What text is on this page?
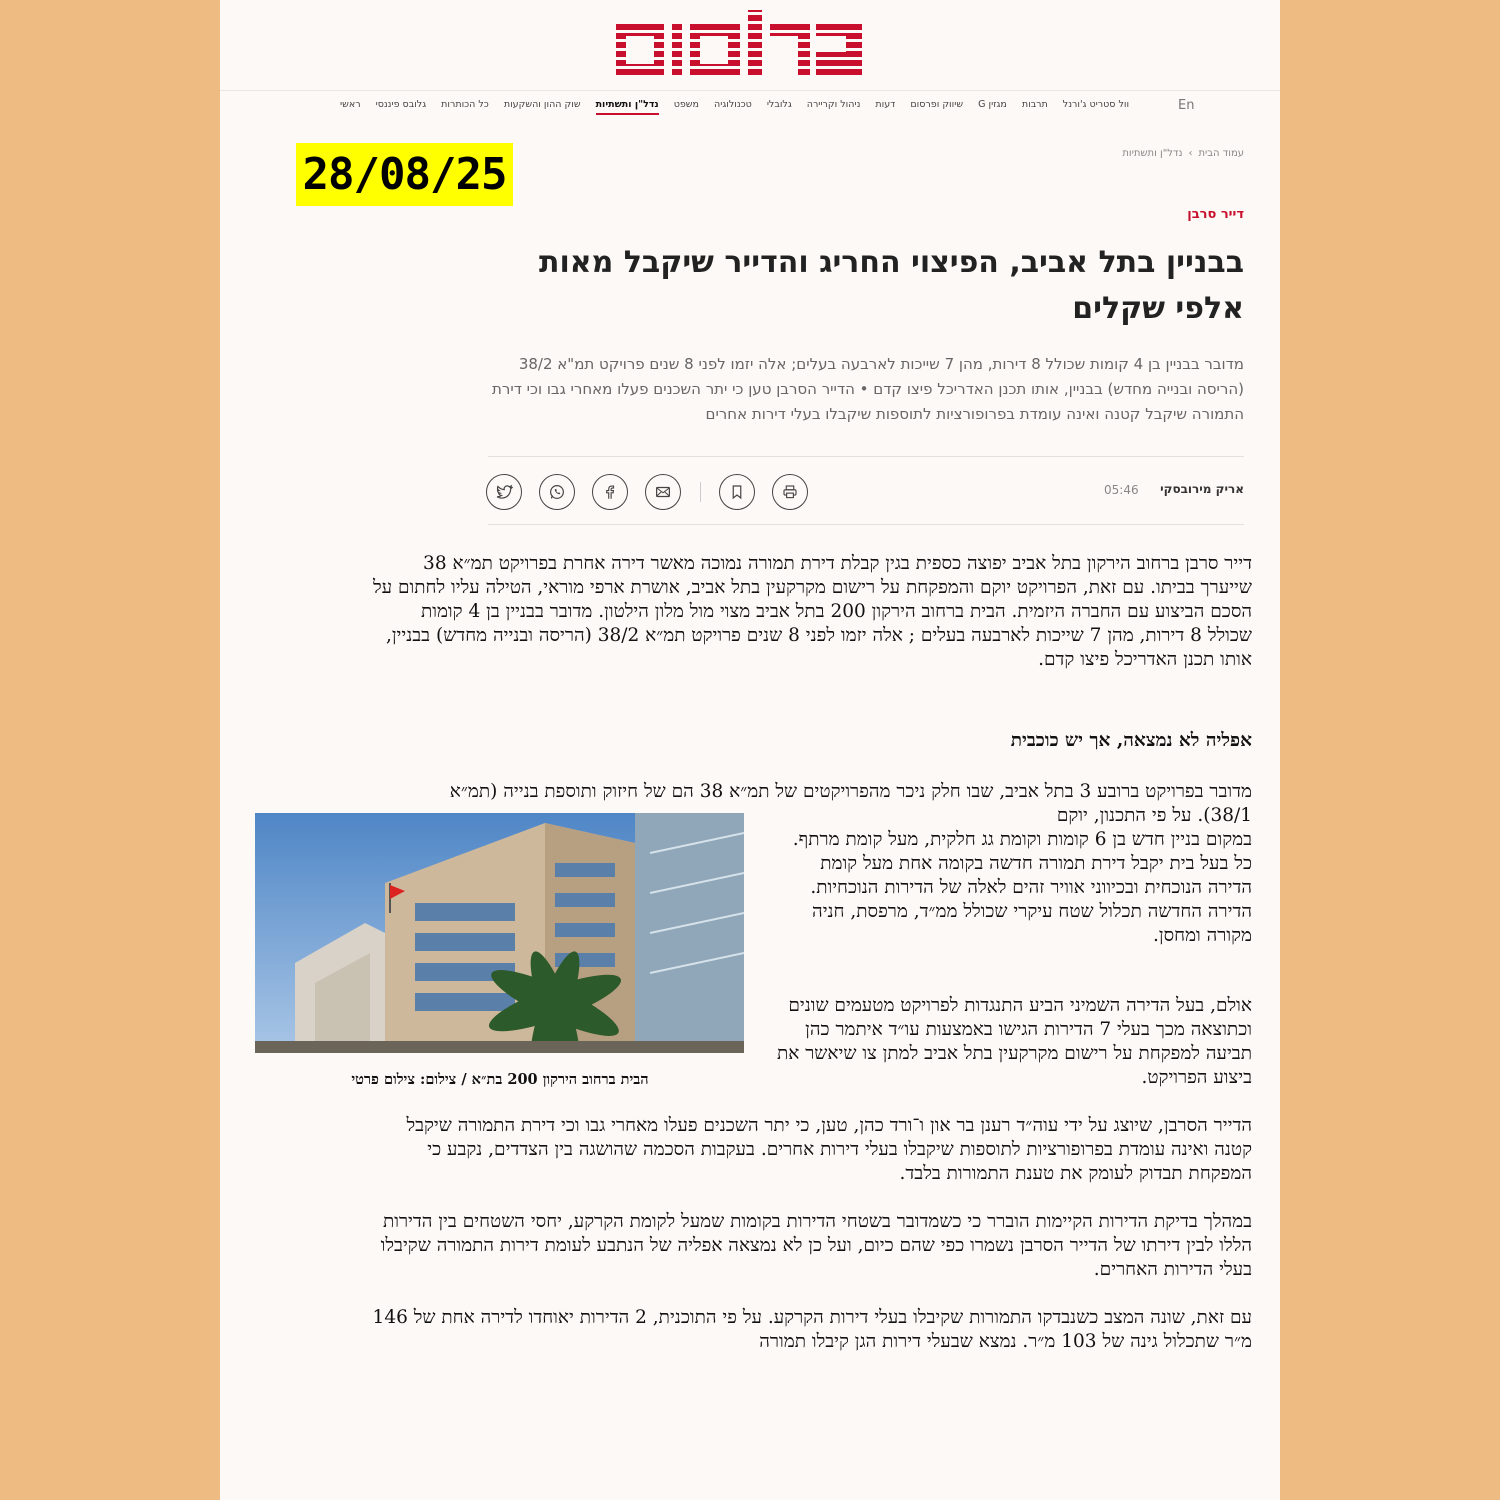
En
ראשי גלובס פיננסי כל הכותרות שוק ההון והשקעות נדל"ן ותשתיות משפט טכנולוגיה גלובלי ניהול וקריירה דעות שיווק ופרסום מגזין G תרבות וול סטריט ג'ורנל
עמוד הבית
›
נדל"ן ותשתיות
28/08/25
דייר סרבן
בבניין בתל אביב, הפיצוי החריג והדייר שיקבל מאות אלפי שקלים

מדובר בבניין בן 4 קומות שכולל 8 דירות, מהן 7 שייכות לארבעה בעלים; אלה יזמו לפני 8 שנים פרויקט תמ"א 38/2 (הריסה ובנייה מחדש) בבניין, אותו תכנן האדריכל פיצו קדם • הדייר הסרבן טען כי יתר השכנים פעלו מאחרי גבו וכי דירת התמורה שיקבל קטנה ואינה עומדת בפרופורציות לתוספות שיקבלו בעלי דירות אחרים

אריק מירובסקי
05:46

דייר סרבן ברחוב הירקון בתל אביב יפוצה כספית בגין קבלת דירת תמורה נמוכה מאשר דירה אחרת בפרויקט תמ״א 38 שייערך בביתו. עם זאת, הפרויקט יוקם והמפקחת על רישום מקרקעין בתל אביב, אושרת ארפי מוראי, הטילה עליו לחתום על הסכם הביצוע עם החברה היזמית. הבית ברחוב הירקון 200 בתל אביב מצוי מול מלון הילטון. מדובר בבניין בן 4 קומות שכולל 8 דירות, מהן 7 שייכות לארבעה בעלים ; אלה יזמו לפני 8 שנים פרויקט תמ״א 38/2 (הריסה ובנייה מחדש) בבניין, אותו תכנן האדריכל פיצו קדם.

אפליה לא נמצאה, אך יש כוכבית

מדובר בפרויקט ברובע 3 בתל אביב, שבו חלק ניכר מהפרויקטים של תמ״א 38 הם של חיזוק ותוספת בנייה (תמ״א 38/1). על פי התכנון, יוקם

במקום בניין חדש בן 6 קומות וקומת גג חלקית, מעל קומת מרתף. כל בעל בית יקבל דירת תמורה חדשה בקומה אחת מעל קומת הדירה הנוכחית ובכיווני אוויר זהים לאלה של הדירות הנוכחיות. הדירה החדשה תכלול שטח עיקרי שכולל ממ״ד, מרפסת, חניה מקורה ומחסן.

אולם, בעל הדירה השמיני הביע התנגדות לפרויקט מטעמים שונים וכתוצאה מכך בעלי 7 הדירות הגישו באמצעות עו״ד איתמר כהן תביעה למפקחת על רישום מקרקעין בתל אביב למתן צו שיאשר את ביצוע הפרויקט.

הבית ברחוב הירקון 200 בת״א / צילום: צילום פרטי

הדייר הסרבן, שיוצג על ידי עוה״ד רענן בר און ו־ורד כהן, טען, כי יתר השכנים פעלו מאחרי גבו וכי דירת התמורה שיקבל קטנה ואינה עומדת בפרופורציות לתוספות שיקבלו בעלי דירות אחרים. בעקבות הסכמה שהושגה בין הצדדים, נקבע כי המפקחת תבדוק לעומק את טענת התמורות בלבד.

במהלך בדיקת הדירות הקיימות הוברר כי כשמדובר בשטחי הדירות בקומות שמעל לקומת הקרקע, יחסי השטחים בין הדירות הללו לבין דירתו של הדייר הסרבן נשמרו כפי שהם כיום, ועל כן לא נמצאה אפליה של הנתבע לעומת דירות התמורה שקיבלו בעלי הדירות האחרים.

עם זאת, שונה המצב כשנבדקו התמורות שקיבלו בעלי דירות הקרקע. על פי התוכנית, 2 הדירות יאוחדו לדירה אחת של 146 מ״ר שתכלול גינה של 103 מ״ר. נמצא שבעלי דירות הגן קיבלו תמורה
